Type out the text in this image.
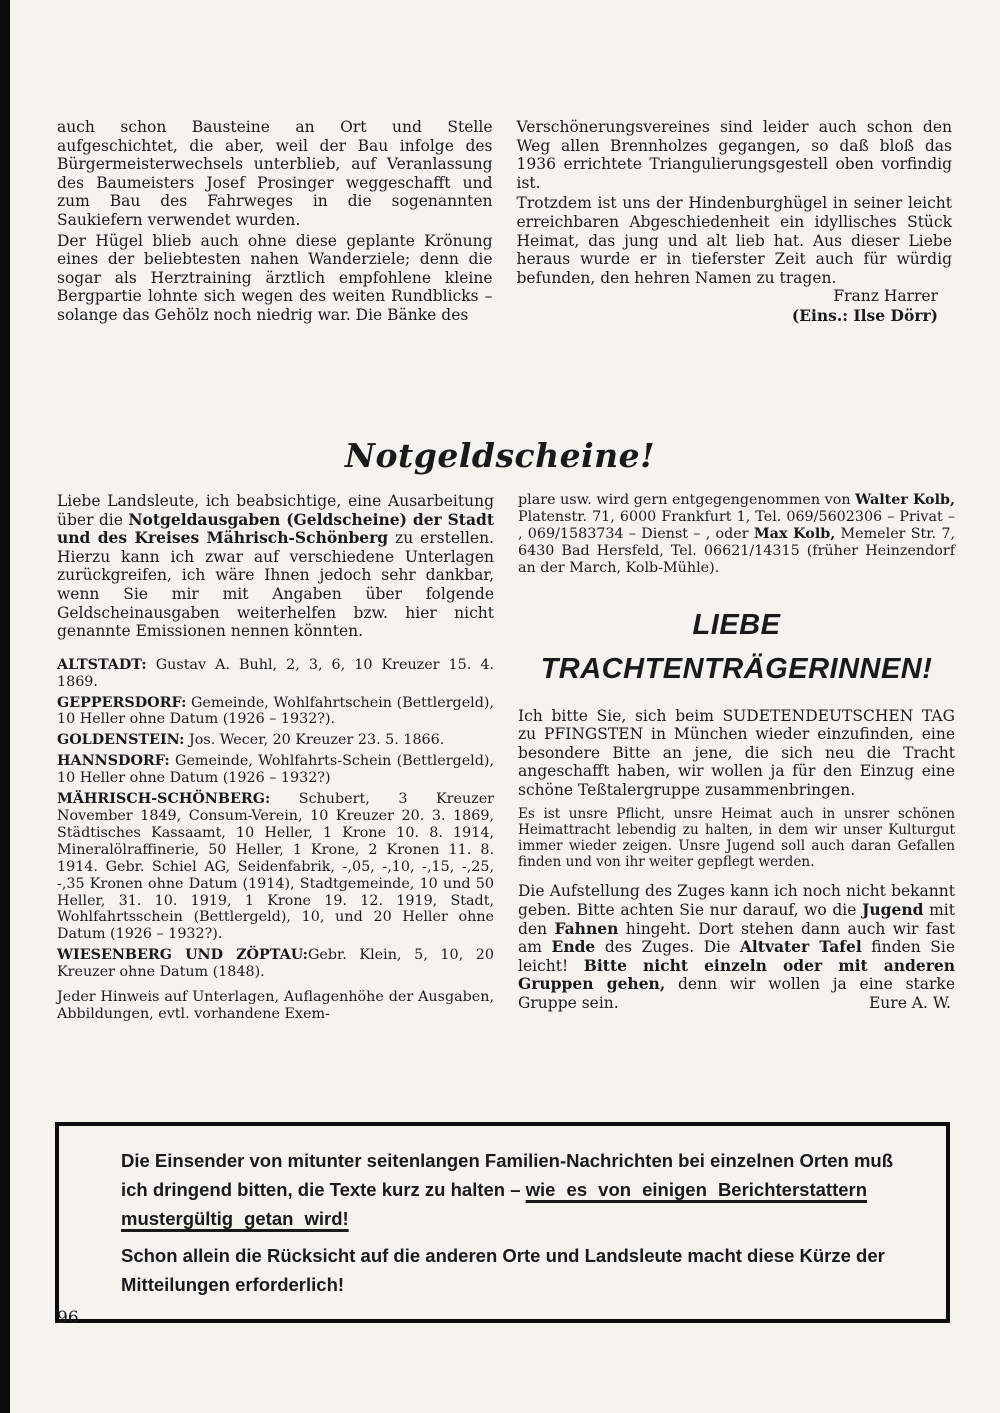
auch schon Bausteine an Ort und Stelle aufgeschichtet, die aber, weil der Bau infolge des Bürgermeisterwechsels unterblieb, auf Veranlassung des Baumeisters Josef Prosinger weggeschafft und zum Bau des Fahrweges in die sogenannten Saukiefern verwendet wurden.

Der Hügel blieb auch ohne diese geplante Krönung eines der beliebtesten nahen Wanderziele; denn die sogar als Herztraining ärztlich empfohlene kleine Bergpartie lohnte sich wegen des weiten Rundblicks – solange das Gehölz noch niedrig war. Die Bänke des

Verschönerungsvereines sind leider auch schon den Weg allen Brennholzes gegangen, so daß bloß das 1936 errichtete Triangulierungsgestell oben vorfindig ist.

Trotzdem ist uns der Hindenburghügel in seiner leicht erreichbaren Abgeschiedenheit ein idyllisches Stück Heimat, das jung und alt lieb hat. Aus dieser Liebe heraus wurde er in tieferster Zeit auch für würdig befunden, den hehren Namen zu tragen.

Franz Harrer
(Eins.: Ilse Dörr)
Notgeldscheine!

Liebe Landsleute, ich beabsichtige, eine Ausarbeitung über die Notgeldausgaben (Geldscheine) der Stadt und des Kreises Mährisch-Schönberg zu erstellen. Hierzu kann ich zwar auf verschiedene Unterlagen zurückgreifen, ich wäre Ihnen jedoch sehr dankbar, wenn Sie mir mit Angaben über folgende Geldscheinausgaben weiterhelfen bzw. hier nicht genannte Emissionen nennen könnten.

ALTSTADT: Gustav A. Buhl, 2, 3, 6, 10 Kreuzer 15. 4. 1869.

GEPPERSDORF: Gemeinde, Wohlfahrtschein (Bettlergeld), 10 Heller ohne Datum (1926 – 1932?).

GOLDENSTEIN: Jos. Wecer, 20 Kreuzer 23. 5. 1866.

HANNSDORF: Gemeinde, Wohlfahrts-Schein (Bettlergeld), 10 Heller ohne Datum (1926 – 1932?)

MÄHRISCH-SCHÖNBERG: Schubert, 3 Kreuzer November 1849, Consum-Verein, 10 Kreuzer 20. 3. 1869, Städtisches Kassaamt, 10 Heller, 1 Krone 10. 8. 1914, Mineralölraffinerie, 50 Heller, 1 Krone, 2 Kronen 11. 8. 1914. Gebr. Schiel AG, Seidenfabrik, -,05, -,10, -,15, -,25, -,35 Kronen ohne Datum (1914), Stadtgemeinde, 10 und 50 Heller, 31. 10. 1919, 1 Krone 19. 12. 1919, Stadt, Wohlfahrtsschein (Bettlergeld), 10, und 20 Heller ohne Datum (1926 – 1932?).

WIESENBERG UND ZÖPTAU:Gebr. Klein, 5, 10, 20 Kreuzer ohne Datum (1848).

Jeder Hinweis auf Unterlagen, Auflagenhöhe der Ausgaben, Abbildungen, evtl. vorhandene Exem-

plare usw. wird gern entgegengenommen von Walter Kolb, Platenstr. 71, 6000 Frankfurt 1, Tel. 069/5602306 – Privat – , 069/1583734 – Dienst – , oder Max Kolb, Memeler Str. 7, 6430 Bad Hersfeld, Tel. 06621/14315 (früher Heinzendorf an der March, Kolb-Mühle).

LIEBE
TRACHTENTRÄGERINNEN!

Ich bitte Sie, sich beim SUDETENDEUTSCHEN TAG zu PFINGSTEN in München wieder einzufinden, eine besondere Bitte an jene, die sich neu die Tracht angeschafft haben, wir wollen ja für den Einzug eine schöne Teßtalergruppe zusammenbringen.

Es ist unsre Pflicht, unsre Heimat auch in unsrer schönen Heimattracht lebendig zu halten, in dem wir unser Kulturgut immer wieder zeigen. Unsre Jugend soll auch daran Gefallen finden und von ihr weiter gepflegt werden.

Die Aufstellung des Zuges kann ich noch nicht bekannt geben. Bitte achten Sie nur darauf, wo die Jugend mit den Fahnen hingeht. Dort stehen dann auch wir fast am Ende des Zuges. Die Altvater Tafel finden Sie leicht! Bitte nicht einzeln oder mit anderen Gruppen gehen, denn wir wollen ja eine starke Gruppe sein.	Eure A. W.

Die Einsender von mitunter seitenlangen Familien-Nachrichten bei einzelnen Orten muß ich dringend bitten, die Texte kurz zu halten – wie es von einigen Berichterstattern mustergültig getan wird!

Schon allein die Rücksicht auf die anderen Orte und Landsleute macht diese Kürze der Mitteilungen erforderlich!

96
